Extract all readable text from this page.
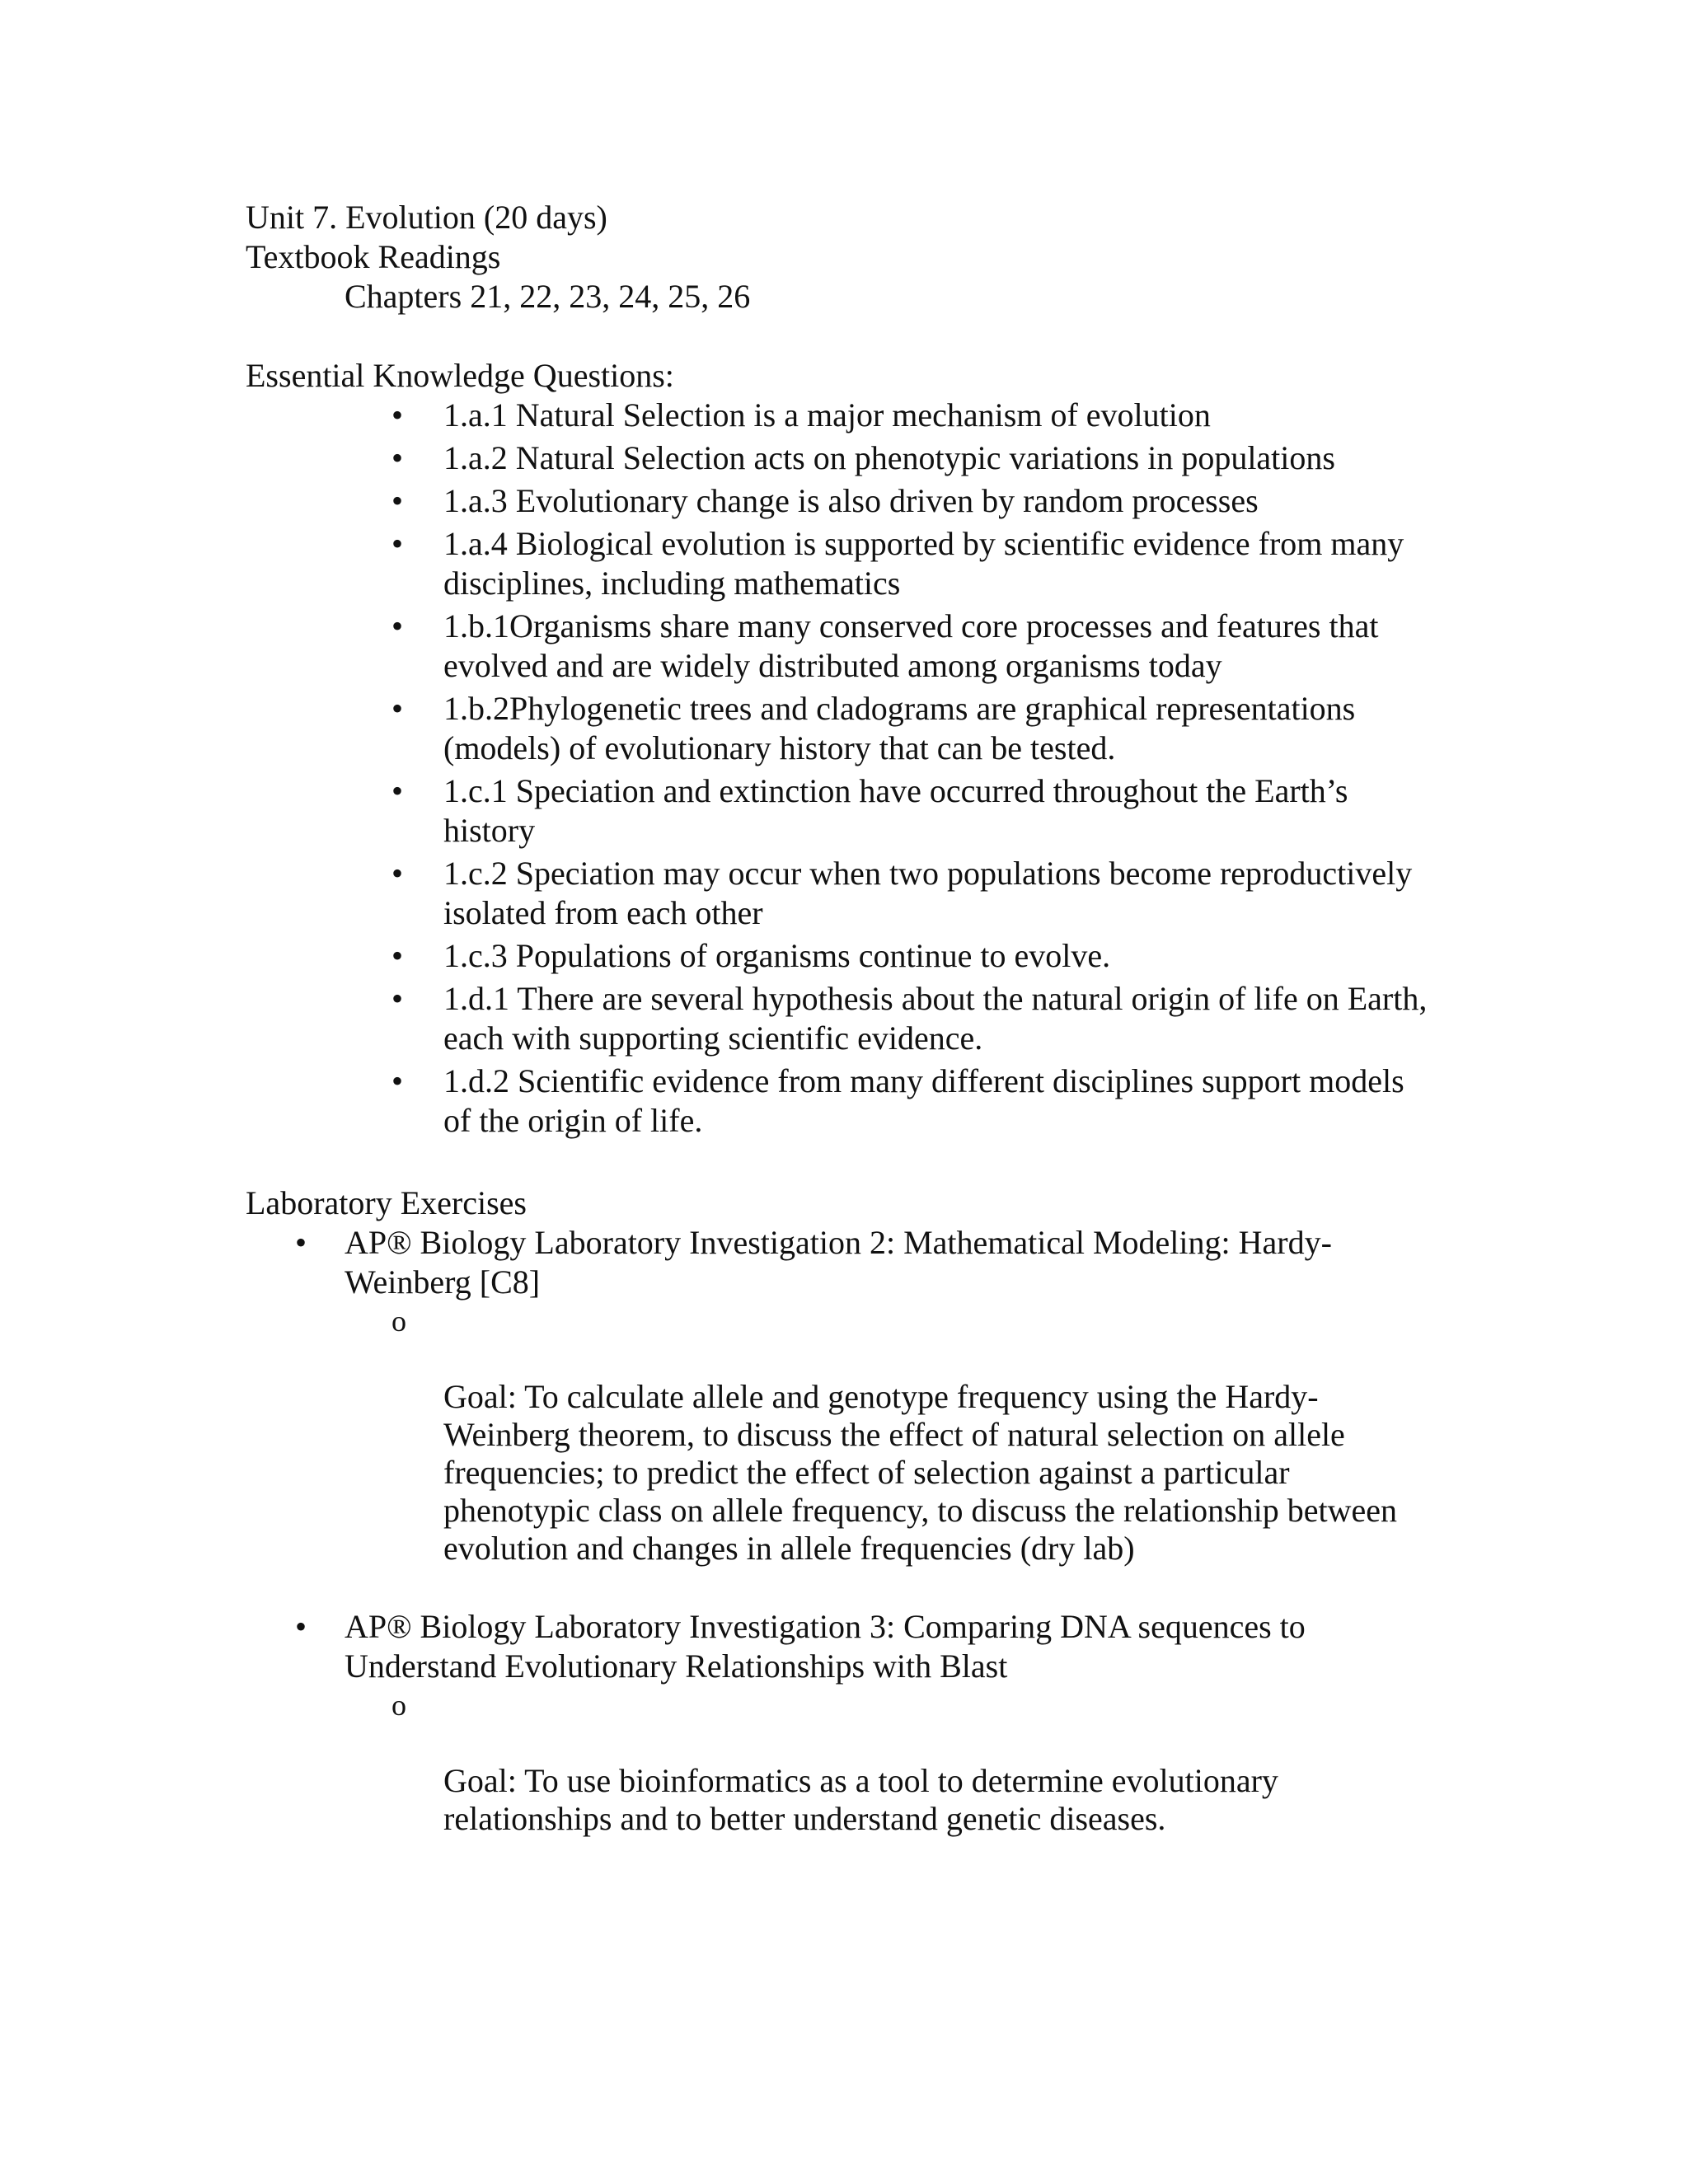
Unit 7. Evolution (20 days)

Textbook Readings

Chapters 21, 22, 23, 24, 25, 26

Essential Knowledge Questions:

• 1.a.1 Natural Selection is a major mechanism of evolution
• 1.a.2 Natural Selection acts on phenotypic variations in populations
• 1.a.3 Evolutionary change is also driven by random processes
• 1.a.4 Biological evolution is supported by scientific evidence from many
disciplines, including mathematics
• 1.b.1Organisms share many conserved core processes and features that
evolved and are widely distributed among organisms today
• 1.b.2Phylogenetic trees and cladograms are graphical representations
(models) of evolutionary history that can be tested.
• 1.c.1 Speciation and extinction have occurred throughout the Earth’s
history
• 1.c.2 Speciation may occur when two populations become reproductively
isolated from each other
• 1.c.3 Populations of organisms continue to evolve.
• 1.d.1 There are several hypothesis about the natural origin of life on Earth,
each with supporting scientific evidence.
• 1.d.2 Scientific evidence from many different disciplines support models
of the origin of life.

Laboratory Exercises

• AP® Biology Laboratory Investigation 2: Mathematical Modeling: Hardy-
Weinberg [C8]

o

Goal: To calculate allele and genotype frequency using the Hardy-
Weinberg theorem, to discuss the effect of natural selection on allele
frequencies; to predict the effect of selection against a particular
phenotypic class on allele frequency, to discuss the relationship between
evolution and changes in allele frequencies (dry lab)

• AP® Biology Laboratory Investigation 3: Comparing DNA sequences to
Understand Evolutionary Relationships with Blast

o

Goal: To use bioinformatics as a tool to determine evolutionary
relationships and to better understand genetic diseases.
